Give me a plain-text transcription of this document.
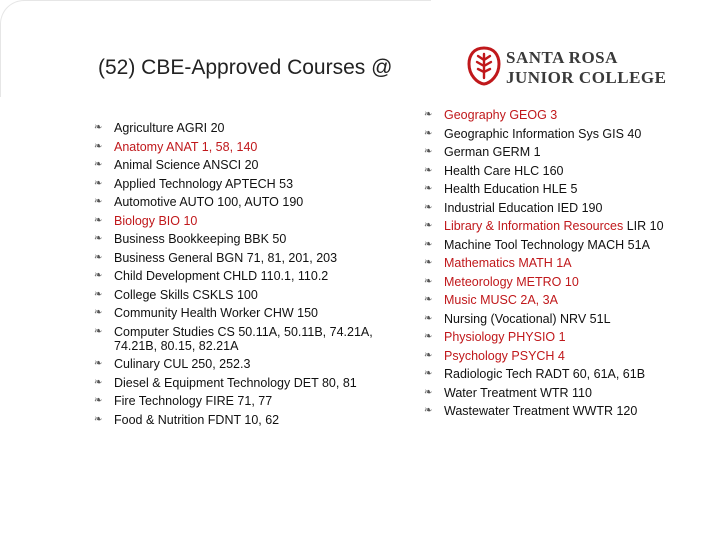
(52) CBE-Approved Courses @	SANTA ROSA
JUNIOR COLLEGE
❧ Agriculture AGRI 20
❧ Anatomy ANAT 1, 58, 140
❧ Animal Science ANSCI 20
❧ Applied Technology APTECH 53
❧ Automotive AUTO 100, AUTO 190
❧ Biology BIO 10
❧ Business Bookkeeping BBK 50
❧ Business General BGN 71, 81, 201, 203
❧ Child Development CHLD 110.1, 110.2
❧ College Skills CSKLS 100
❧ Community Health Worker CHW 150
❧ Computer Studies CS 50.11A, 50.11B, 74.21A, 74.21B, 80.15, 82.21A
❧ Culinary CUL 250, 252.3
❧ Diesel & Equipment Technology DET 80, 81
❧ Fire Technology FIRE 71, 77
❧ Food & Nutrition FDNT 10, 62
❧ Geography GEOG 3
❧ Geographic Information Sys GIS 40
❧ German GERM 1
❧ Health Care HLC 160
❧ Health Education HLE 5
❧ Industrial Education IED 190
❧ Library & Information Resources LIR 10
❧ Machine Tool Technology MACH 51A
❧ Mathematics MATH 1A
❧ Meteorology METRO 10
❧ Music MUSC 2A, 3A
❧ Nursing (Vocational) NRV 51L
❧ Physiology PHYSIO 1
❧ Psychology PSYCH 4
❧ Radiologic Tech RADT 60, 61A, 61B
❧ Water Treatment WTR 110
❧ Wastewater Treatment WWTR 120
